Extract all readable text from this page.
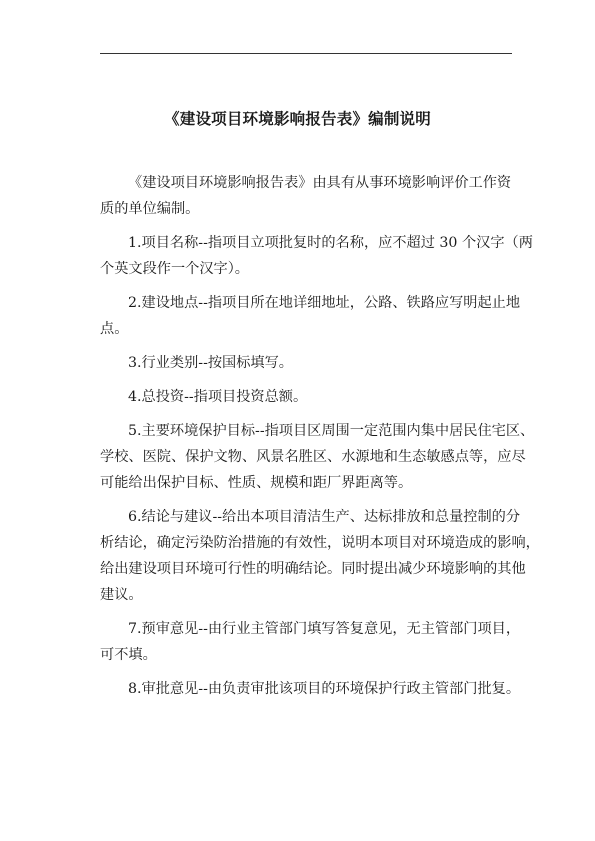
《建设项目环境影响报告表》编制说明
《建设项目环境影响报告表》由具有从事环境影响评价工作资
质的单位编制。
1.项目名称--指项目立项批复时的名称，应不超过 30 个汉字（两
个英文段作一个汉字）。
2.建设地点--指项目所在地详细地址，公路、铁路应写明起止地
点。
3.行业类别--按国标填写。
4.总投资--指项目投资总额。
5.主要环境保护目标--指项目区周围一定范围内集中居民住宅区、
学校、医院、保护文物、风景名胜区、水源地和生态敏感点等，应尽
可能给出保护目标、性质、规模和距厂界距离等。
6.结论与建议--给出本项目清洁生产、达标排放和总量控制的分
析结论，确定污染防治措施的有效性，说明本项目对环境造成的影响，
给出建设项目环境可行性的明确结论。同时提出减少环境影响的其他
建议。
7.预审意见--由行业主管部门填写答复意见，无主管部门项目，
可不填。
8.审批意见--由负责审批该项目的环境保护行政主管部门批复。
